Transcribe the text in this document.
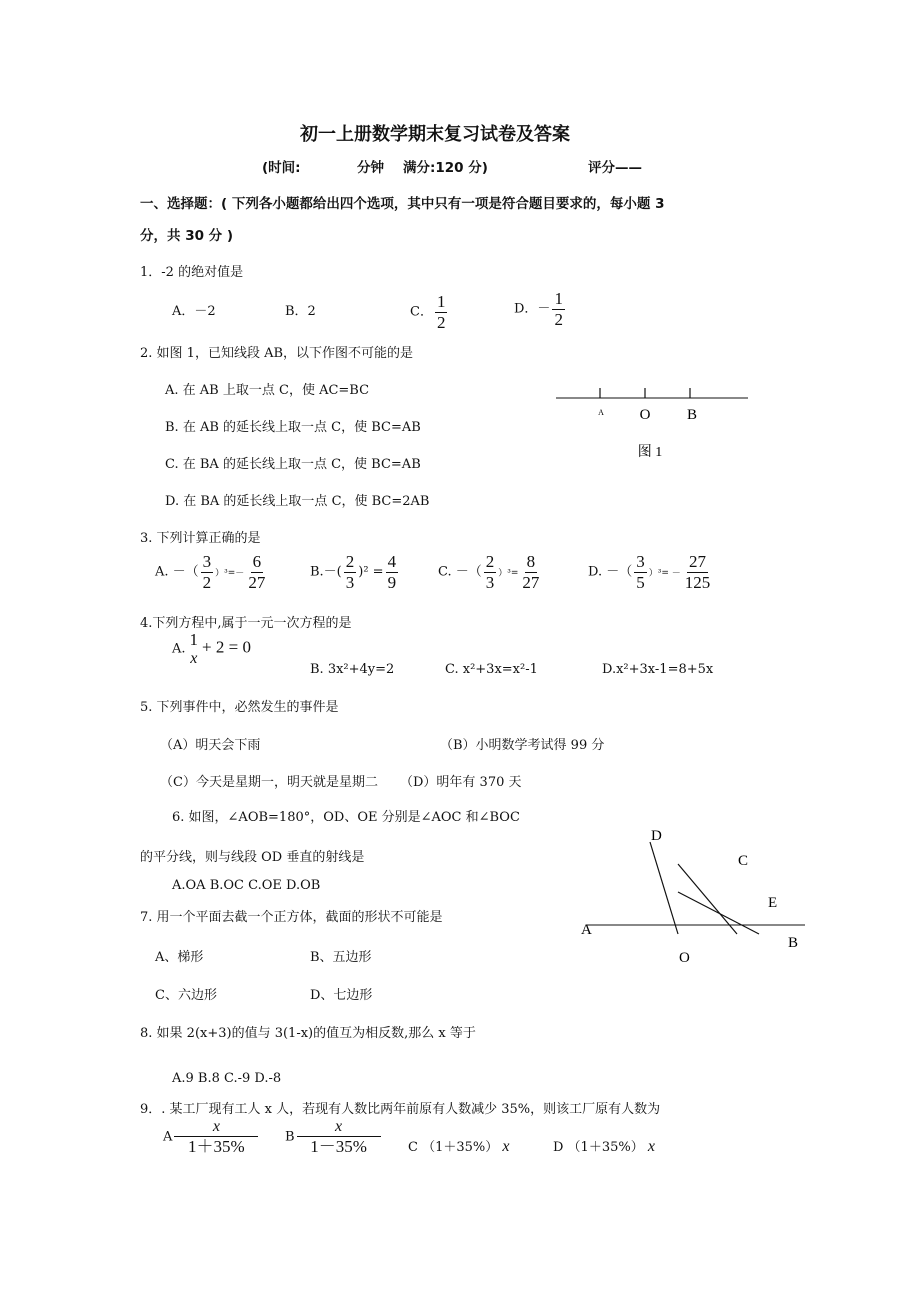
初一上册数学期末复习试卷及答案
(时间:	分钟 满分:120 分)	评分——
一、选择题：( 下列各小题都给出四个选项，其中只有一项是符合题目要求的，每小题 3
分，共 30 分 )
1．-2 的绝对值是
A．－2	B．2	C． $\frac{1}{2}$	D．－ $\frac{1}{2}$
2. 如图 1，已知线段 AB，以下作图不可能的是
A. 在 AB 上取一点 C，使 AC=BC
B. 在 AB 的延长线上取一点 C，使 BC=AB
C. 在 BA 的延长线上取一点 C，使 BC=AB
D. 在 BA 的延长线上取一点 C，使 BC=2AB
A O B
图 1
3. 下列计算正确的是
A. －（ $\frac{3}{2} )^3=- \frac{6}{27}$	$B.-( \frac{2}{3} )^2 = \frac{4}{9}$	C. －（ $\frac{2}{3} )^3= \frac{8}{27}$	D. －（ $\frac{3}{5} )^3= - \frac{27}{125}$
4.下列方程中,属于一元一次方程的是
A. 1
x
+ 2 = 0
B. 3x²+4y=2	C. x²+3x=x²-1	D.x²+3x-1=8+5x
5. 下列事件中，必然发生的事件是
（A）明天会下雨	（B）小明数学考试得 99 分
（C）今天是星期一，明天就是星期二 （D）明年有 370 天
6. 如图，∠AOB=180°，OD、OE 分别是∠AOC 和∠BOC
的平分线，则与线段 OD 垂直的射线是
A.OA B.OC C.OE D.OB
D
C
E
A
O
B
7. 用一个平面去截一个正方体，截面的形状不可能是
A、梯形	B、五边形
C、六边形	D、七边形
8. 如果 2(x+3)的值与 3(1-x)的值互为相反数,那么 x 等于
A.9 B.8 C.-9 D.-8
9．. 某工厂现有工人 x 人，若现有人数比两年前原有人数减少 35%，则该工厂原有人数为
A $\frac{x}{1+35\%}$ B $\frac{x}{1-35\%}$ C （1＋35%） x	D （1＋35%） x
